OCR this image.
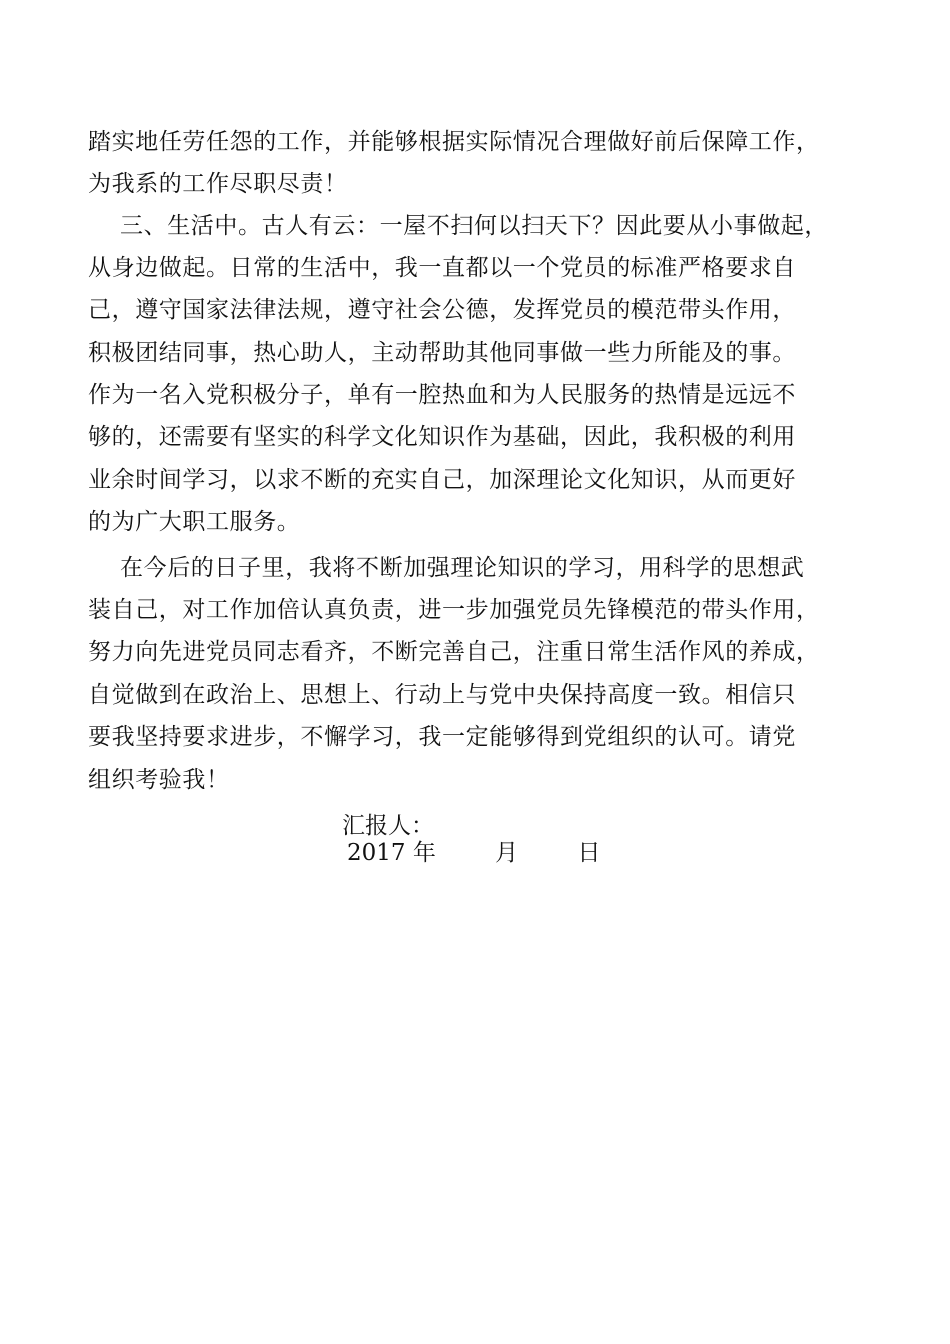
踏实地任劳任怨的工作，并能够根据实际情况合理做好前后保障工作，
为我系的工作尽职尽责！
三、生活中。古人有云：一屋不扫何以扫天下？因此要从小事做起，
从身边做起。日常的生活中，我一直都以一个党员的标准严格要求自
己，遵守国家法律法规，遵守社会公德，发挥党员的模范带头作用，
积极团结同事，热心助人，主动帮助其他同事做一些力所能及的事。
作为一名入党积极分子，单有一腔热血和为人民服务的热情是远远不
够的，还需要有坚实的科学文化知识作为基础，因此，我积极的利用
业余时间学习，以求不断的充实自己，加深理论文化知识，从而更好
的为广大职工服务。
在今后的日子里，我将不断加强理论知识的学习，用科学的思想武
装自己，对工作加倍认真负责，进一步加强党员先锋模范的带头作用，
努力向先进党员同志看齐，不断完善自己，注重日常生活作风的养成，
自觉做到在政治上、思想上、行动上与党中央保持高度一致。相信只
要我坚持要求进步，不懈学习，我一定能够得到党组织的认可。请党
组织考验我！
汇报人：
2017 年	月	日
